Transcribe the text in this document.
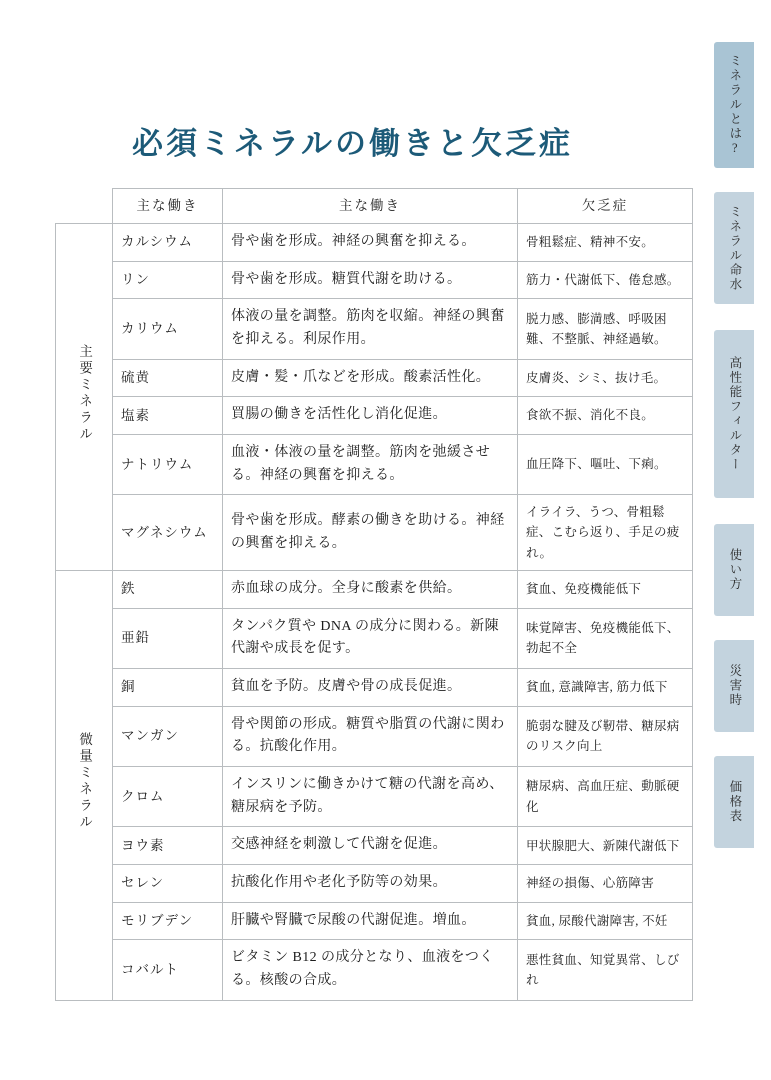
必須ミネラルの働きと欠乏症
	主な働き	主な働き	欠乏症
主要ミネラル	カルシウム	骨や歯を形成。神経の興奮を抑える。	骨粗鬆症、精神不安。
	リン	骨や歯を形成。糖質代謝を助ける。	筋力・代謝低下、倦怠感。
	カリウム	体液の量を調整。筋肉を収縮。神経の興奮を抑える。利尿作用。	脱力感、膨満感、呼吸困難、不整脈、神経過敏。
	硫黄	皮膚・髪・爪などを形成。酸素活性化。	皮膚炎、シミ、抜け毛。
	塩素	買腸の働きを活性化し消化促進。	食欲不振、消化不良。
	ナトリウム	血液・体液の量を調整。筋肉を弛緩させる。神経の興奮を抑える。	血圧降下、嘔吐、下痢。
	マグネシウム	骨や歯を形成。酵素の働きを助ける。神経の興奮を抑える。	イライラ、うつ、骨粗鬆症、こむら返り、手足の疲れ。
微量ミネラル	鉄	赤血球の成分。全身に酸素を供給。	貧血、免疫機能低下
	亜鉛	タンパク質や DNA の成分に関わる。新陳代謝や成長を促す。	味覚障害、免疫機能低下、勃起不全
	銅	貧血を予防。皮膚や骨の成長促進。	貧血, 意識障害, 筋力低下
	マンガン	骨や関節の形成。糖質や脂質の代謝に関わる。抗酸化作用。	脆弱な腱及び靭帯、糖尿病のリスク向上
	クロム	インスリンに働きかけて糖の代謝を高め、糖尿病を予防。	糖尿病、高血圧症、動脈硬化
	ヨウ素	交感神経を刺激して代謝を促進。	甲状腺肥大、新陳代謝低下
	セレン	抗酸化作用や老化予防等の効果。	神経の損傷、心筋障害
	モリブデン	肝臓や腎臓で尿酸の代謝促進。増血。	貧血, 尿酸代謝障害, 不妊
	コバルト	ビタミン B12 の成分となり、血液をつくる。核酸の合成。	悪性貧血、知覚異常、しびれ
ミネラルとは?
ミネラル命水
高性能フィルター
使い方
災害時
価格表
